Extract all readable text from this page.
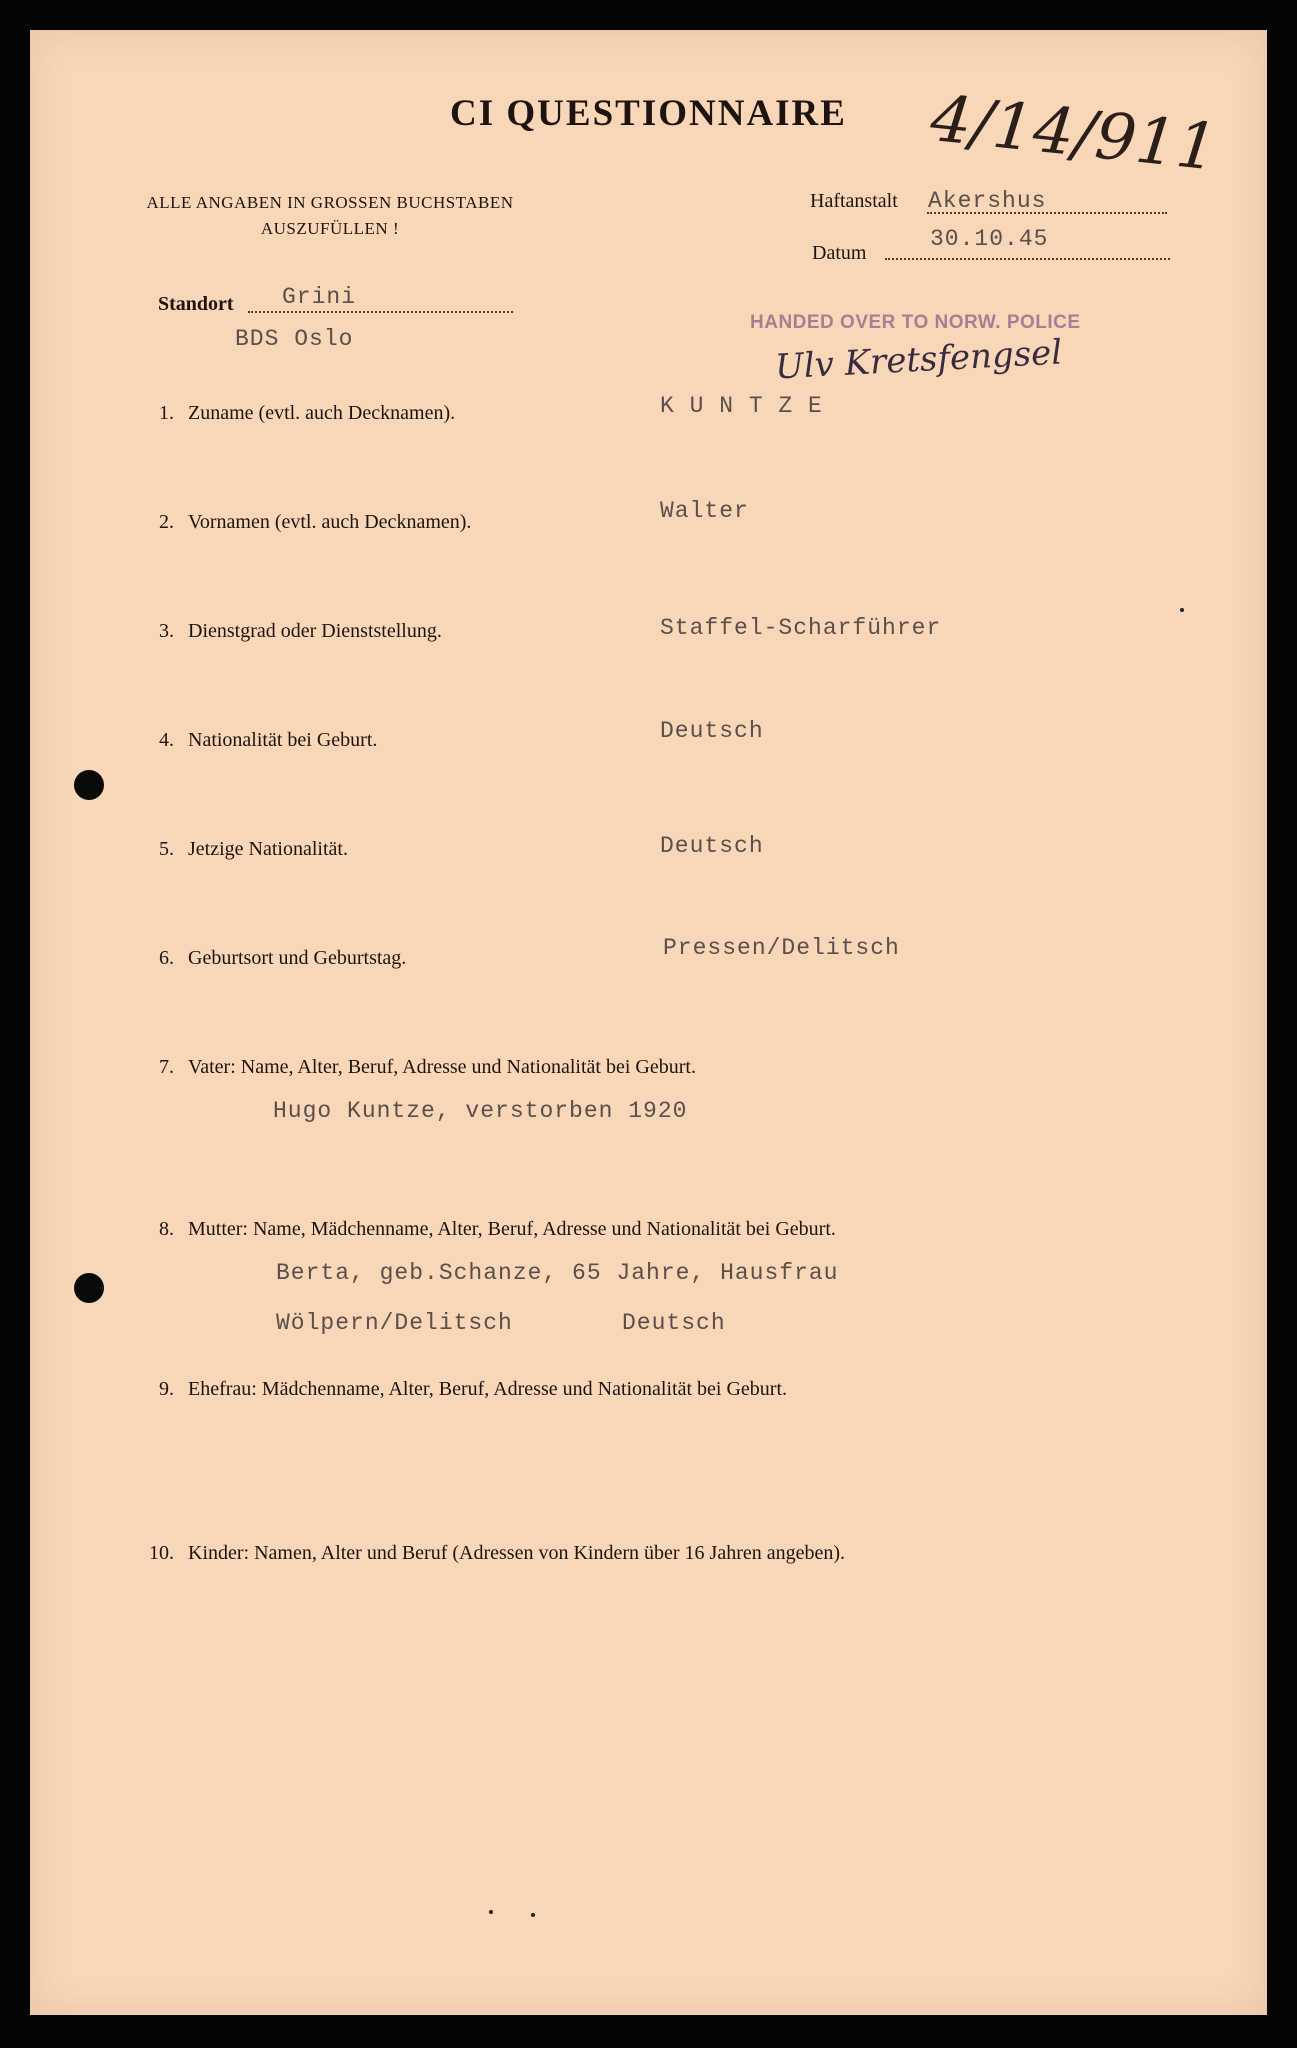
CI QUESTIONNAIRE	4/14/911
ALLE ANGABEN IN GROSSEN BUCHSTABEN
AUSZUFÜLLEN !
Haftanstalt Akershus
Datum
30.10.45
Standort Grini
BDS Oslo
HANDED OVER TO NORW. POLICE
Ulv Kretsfengsel
1. Zuname (evtl. auch Decknamen).	K U N T Z E
2. Vornamen (evtl. auch Decknamen).	Walter
3. Dienstgrad oder Dienststellung.	Staffel-Scharführer
4. Nationalität bei Geburt.	Deutsch
5. Jetzige Nationalität.	Deutsch
6. Geburtsort und Geburtstag.	Pressen/Delitsch
7. Vater: Name, Alter, Beruf, Adresse und Nationalität bei Geburt.
Hugo Kuntze, verstorben 1920
8. Mutter: Name, Mädchenname, Alter, Beruf, Adresse und Nationalität bei Geburt.
Berta, geb.Schanze, 65 Jahre, Hausfrau
Wölpern/Delitsch	Deutsch
9. Ehefrau: Mädchenname, Alter, Beruf, Adresse und Nationalität bei Geburt.
10. Kinder: Namen, Alter und Beruf (Adressen von Kindern über 16 Jahren angeben).
